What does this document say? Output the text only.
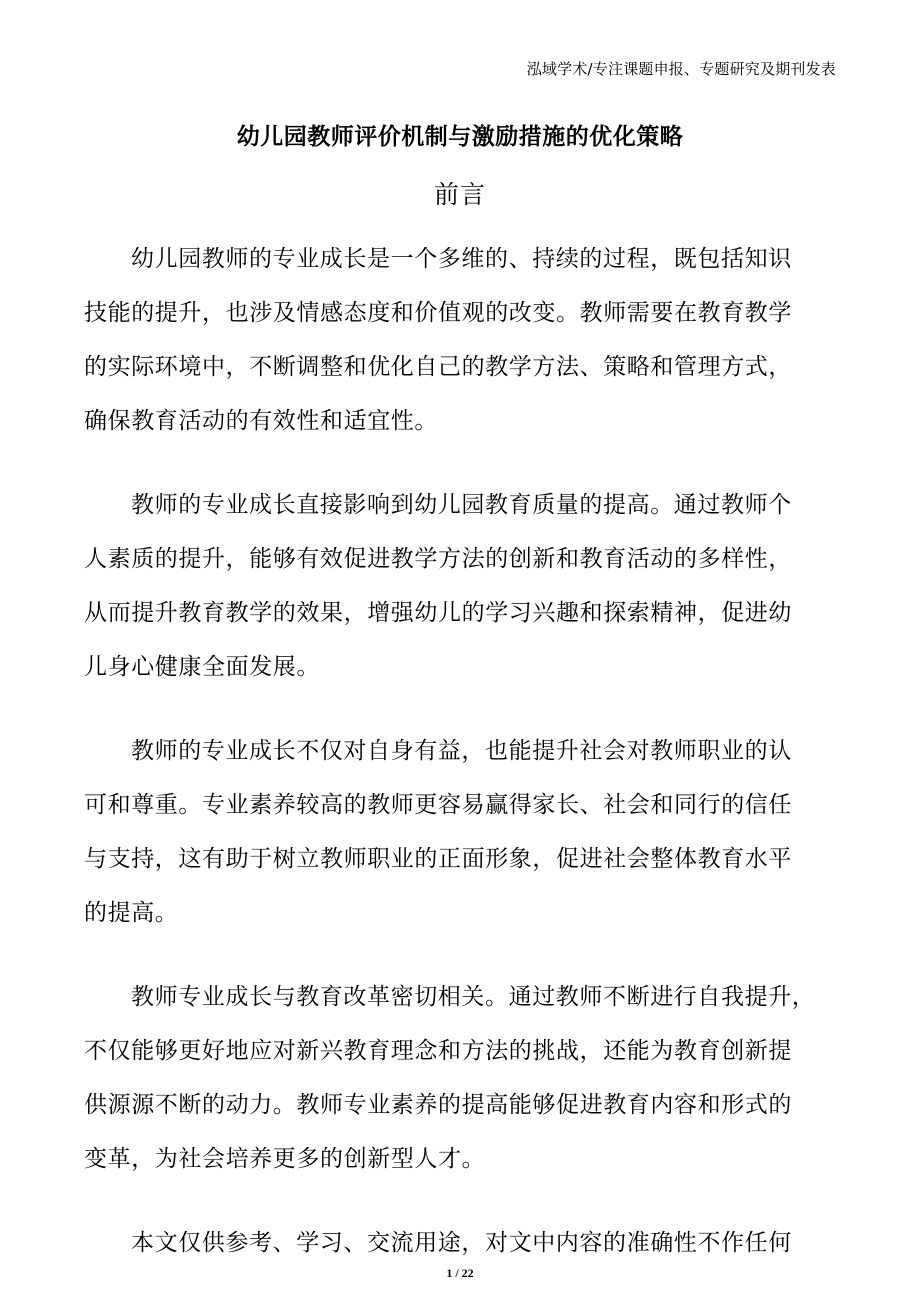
泓域学术/专注课题申报、专题研究及期刊发表
幼儿园教师评价机制与激励措施的优化策略
前言
幼儿园教师的专业成长是一个多维的、持续的过程，既包括知识
技能的提升，也涉及情感态度和价值观的改变。教师需要在教育教学
的实际环境中，不断调整和优化自己的教学方法、策略和管理方式，
确保教育活动的有效性和适宜性。
教师的专业成长直接影响到幼儿园教育质量的提高。通过教师个
人素质的提升，能够有效促进教学方法的创新和教育活动的多样性，
从而提升教育教学的效果，增强幼儿的学习兴趣和探索精神，促进幼
儿身心健康全面发展。
教师的专业成长不仅对自身有益，也能提升社会对教师职业的认
可和尊重。专业素养较高的教师更容易赢得家长、社会和同行的信任
与支持，这有助于树立教师职业的正面形象，促进社会整体教育水平
的提高。
教师专业成长与教育改革密切相关。通过教师不断进行自我提升，
不仅能够更好地应对新兴教育理念和方法的挑战，还能为教育创新提
供源源不断的动力。教师专业素养的提高能够促进教育内容和形式的
变革，为社会培养更多的创新型人才。
本文仅供参考、学习、交流用途，对文中内容的准确性不作任何
1 / 22
